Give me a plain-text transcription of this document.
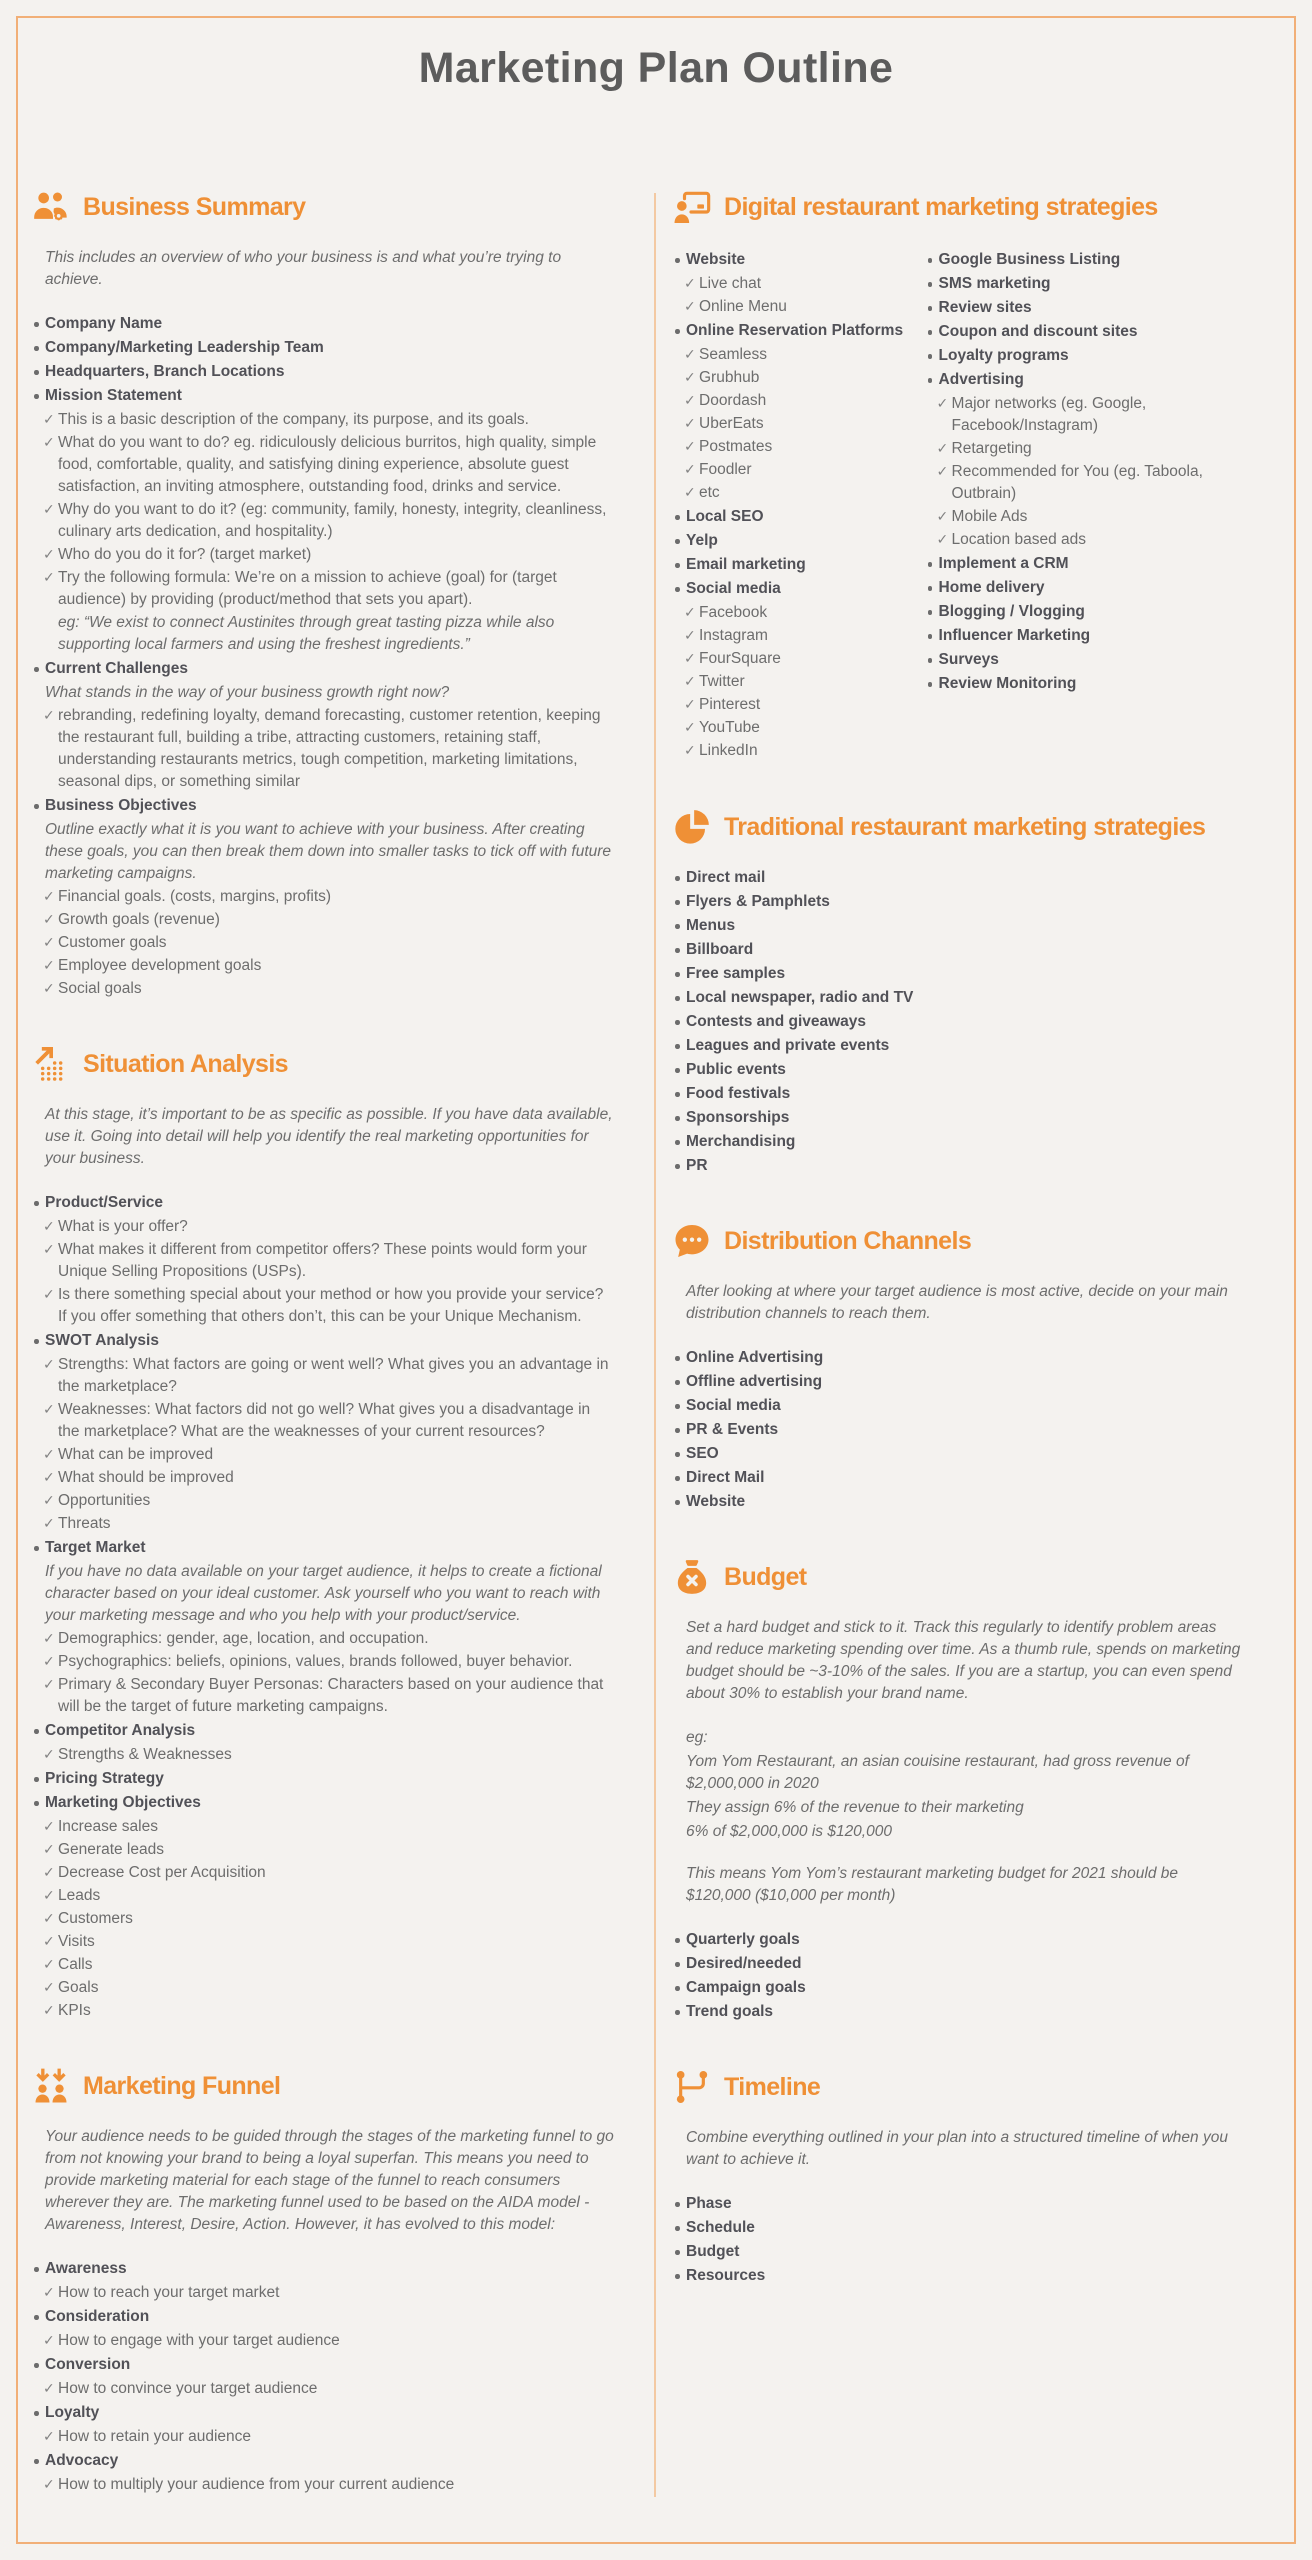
Marketing Plan Outline
Business Summary

This includes an overview of who your business is and what you’re trying to achieve.

Company Name
Company/Marketing Leadership Team
Headquarters, Branch Locations
Mission Statement
✓ This is a basic description of the company, its purpose, and its goals.
✓ What do you want to do? eg. ridiculously delicious burritos, high quality, simple food, comfortable, quality, and satisfying dining experience, absolute guest satisfaction, an inviting atmosphere, outstanding food, drinks and service.
✓ Why do you want to do it? (eg: community, family, honesty, integrity, cleanliness, culinary arts dedication, and hospitality.)
✓ Who do you do it for? (target market)
✓ Try the following formula: We’re on a mission to achieve (goal) for (target audience) by providing (product/method that sets you apart).

eg: “We exist to connect Austinites through great tasting pizza while also supporting local farmers and using the freshest ingredients.”

Current Challenges

What stands in the way of your business growth right now?

✓ rebranding, redefining loyalty, demand forecasting, customer retention, keeping the restaurant full, building a tribe, attracting customers, retaining staff, understanding restaurants metrics, tough competition, marketing limitations, seasonal dips, or something similar
Business Objectives

Outline exactly what it is you want to achieve with your business. After creating these goals, you can then break them down into smaller tasks to tick off with future marketing campaigns.

✓ Financial goals. (costs, margins, profits)
✓ Growth goals (revenue)
✓ Customer goals
✓ Employee development goals
✓ Social goals
Situation Analysis

At this stage, it’s important to be as specific as possible. If you have data available, use it. Going into detail will help you identify the real marketing opportunities for your business.

Product/Service
✓ What is your offer?
✓ What makes it different from competitor offers? These points would form your Unique Selling Propositions (USPs).
✓ Is there something special about your method or how you provide your service? If you offer something that others don’t, this can be your Unique Mechanism.
SWOT Analysis
✓ Strengths: What factors are going or went well? What gives you an advantage in the marketplace?
✓ Weaknesses: What factors did not go well? What gives you a disadvantage in the marketplace? What are the weaknesses of your current resources?
✓ What can be improved
✓ What should be improved
✓ Opportunities
✓ Threats
Target Market

If you have no data available on your target audience, it helps to create a fictional character based on your ideal customer. Ask yourself who you want to reach with your marketing message and who you help with your product/service.

✓ Demographics: gender, age, location, and occupation.
✓ Psychographics: beliefs, opinions, values, brands followed, buyer behavior.
✓ Primary & Secondary Buyer Personas: Characters based on your audience that will be the target of future marketing campaigns.
Competitor Analysis
✓ Strengths & Weaknesses
Pricing Strategy
Marketing Objectives
✓ Increase sales
✓ Generate leads
✓ Decrease Cost per Acquisition
✓ Leads
✓ Customers
✓ Visits
✓ Calls
✓ Goals
✓ KPIs
Marketing Funnel

Your audience needs to be guided through the stages of the marketing funnel to go from not knowing your brand to being a loyal superfan. This means you need to provide marketing material for each stage of the funnel to reach consumers wherever they are. The marketing funnel used to be based on the AIDA model - Awareness, Interest, Desire, Action. However, it has evolved to this model:

Awareness
✓ How to reach your target market
Consideration
✓ How to engage with your target audience
Conversion
✓ How to convince your target audience
Loyalty
✓ How to retain your audience
Advocacy
✓ How to multiply your audience from your current audience
Digital restaurant marketing strategies
Website
✓ Live chat
✓ Online Menu
Online Reservation Platforms
✓ Seamless
✓ Grubhub
✓ Doordash
✓ UberEats
✓ Postmates
✓ Foodler
✓ etc
Local SEO
Yelp
Email marketing
Social media
✓ Facebook
✓ Instagram
✓ FourSquare
✓ Twitter
✓ Pinterest
✓ YouTube
✓ LinkedIn
Google Business Listing
SMS marketing
Review sites
Coupon and discount sites
Loyalty programs
Advertising
✓ Major networks (eg. Google, Facebook/Instagram)
✓ Retargeting
✓ Recommended for You (eg. Taboola, Outbrain)
✓ Mobile Ads
✓ Location based ads
Implement a CRM
Home delivery
Blogging / Vlogging
Influencer Marketing
Surveys
Review Monitoring
Traditional restaurant marketing strategies
Direct mail
Flyers & Pamphlets
Menus
Billboard
Free samples
Local newspaper, radio and TV
Contests and giveaways
Leagues and private events
Public events
Food festivals
Sponsorships
Merchandising
PR
Distribution Channels

After looking at where your target audience is most active, decide on your main distribution channels to reach them.

Online Advertising
Offline advertising
Social media
PR & Events
SEO
Direct Mail
Website
Budget

Set a hard budget and stick to it. Track this regularly to identify problem areas and reduce marketing spending over time. As a thumb rule, spends on marketing budget should be ~3-10% of the sales. If you are a startup, you can even spend about 30% to establish your brand name.

eg:

Yom Yom Restaurant, an asian couisine restaurant, had gross revenue of $2,000,000 in 2020

They assign 6% of the revenue to their marketing

6% of $2,000,000 is $120,000

This means Yom Yom’s restaurant marketing budget for 2021 should be $120,000 ($10,000 per month)

Quarterly goals
Desired/needed
Campaign goals
Trend goals
Timeline

Combine everything outlined in your plan into a structured timeline of when you want to achieve it.

Phase
Schedule
Budget
Resources
